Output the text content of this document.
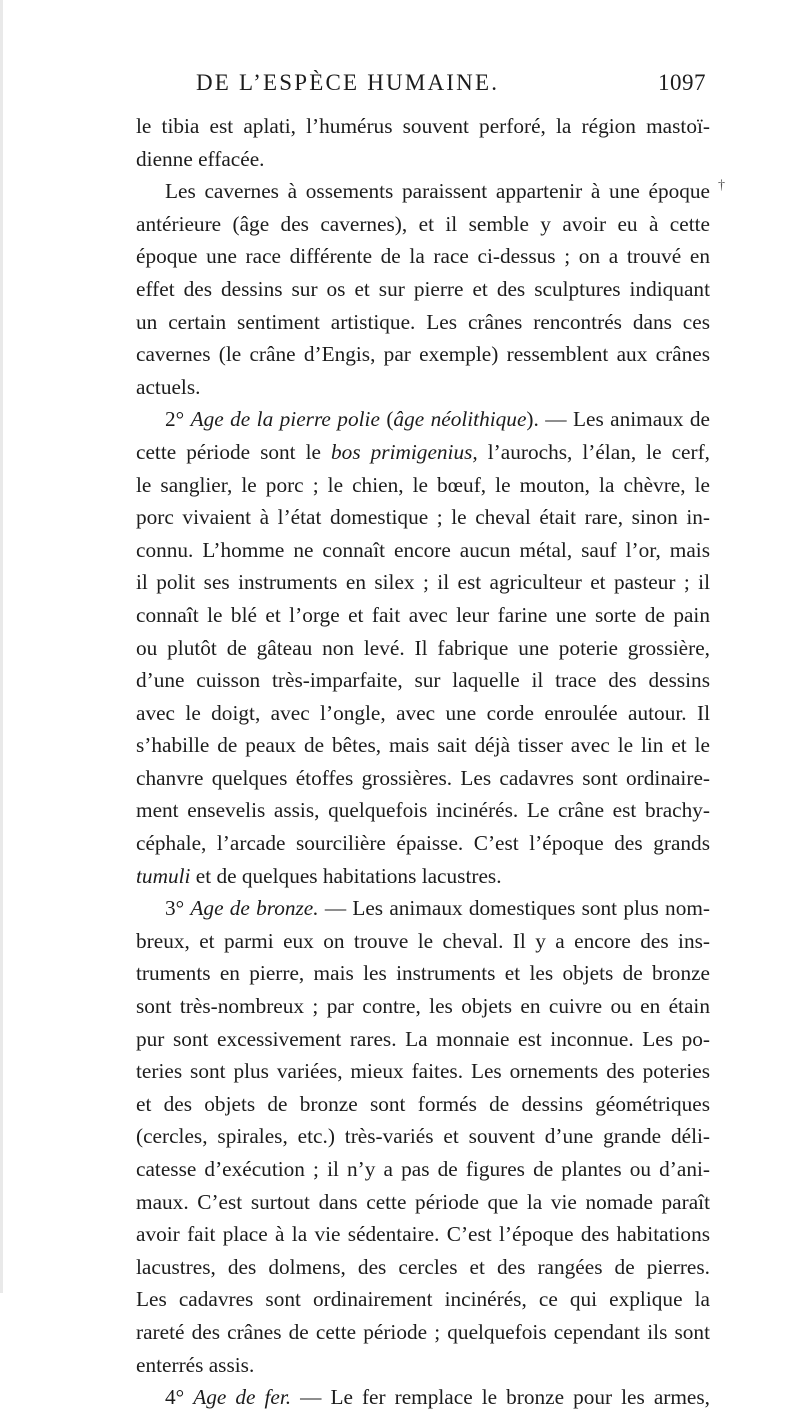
DE L’ESPÈCE HUMAINE.	1097
†
le tibia est aplati, l’humérus souvent perforé, la région mastoï-
dienne effacée.
Les cavernes à ossements paraissent appartenir à une époque
antérieure (âge des cavernes), et il semble y avoir eu à cette
époque une race différente de la race ci-dessus ; on a trouvé en
effet des dessins sur os et sur pierre et des sculptures indiquant
un certain sentiment artistique. Les crânes rencontrés dans ces
cavernes (le crâne d’Engis, par exemple) ressemblent aux crânes
actuels.
2° Age de la pierre polie (âge néolithique). — Les animaux de
cette période sont le bos primigenius, l’aurochs, l’élan, le cerf,
le sanglier, le porc ; le chien, le bœuf, le mouton, la chèvre, le
porc vivaient à l’état domestique ; le cheval était rare, sinon in-
connu. L’homme ne connaît encore aucun métal, sauf l’or, mais
il polit ses instruments en silex ; il est agriculteur et pasteur ; il
connaît le blé et l’orge et fait avec leur farine une sorte de pain
ou plutôt de gâteau non levé. Il fabrique une poterie grossière,
d’une cuisson très-imparfaite, sur laquelle il trace des dessins
avec le doigt, avec l’ongle, avec une corde enroulée autour. Il
s’habille de peaux de bêtes, mais sait déjà tisser avec le lin et le
chanvre quelques étoffes grossières. Les cadavres sont ordinaire-
ment ensevelis assis, quelquefois incinérés. Le crâne est brachy-
céphale, l’arcade sourcilière épaisse. C’est l’époque des grands
tumuli et de quelques habitations lacustres.
3° Age de bronze. — Les animaux domestiques sont plus nom-
breux, et parmi eux on trouve le cheval. Il y a encore des ins-
truments en pierre, mais les instruments et les objets de bronze
sont très-nombreux ; par contre, les objets en cuivre ou en étain
pur sont excessivement rares. La monnaie est inconnue. Les po-
teries sont plus variées, mieux faites. Les ornements des poteries
et des objets de bronze sont formés de dessins géométriques
(cercles, spirales, etc.) très-variés et souvent d’une grande déli-
catesse d’exécution ; il n’y a pas de figures de plantes ou d’ani-
maux. C’est surtout dans cette période que la vie nomade paraît
avoir fait place à la vie sédentaire. C’est l’époque des habitations
lacustres, des dolmens, des cercles et des rangées de pierres.
Les cadavres sont ordinairement incinérés, ce qui explique la
rareté des crânes de cette période ; quelquefois cependant ils sont
enterrés assis.
4° Age de fer. — Le fer remplace le bronze pour les armes,
